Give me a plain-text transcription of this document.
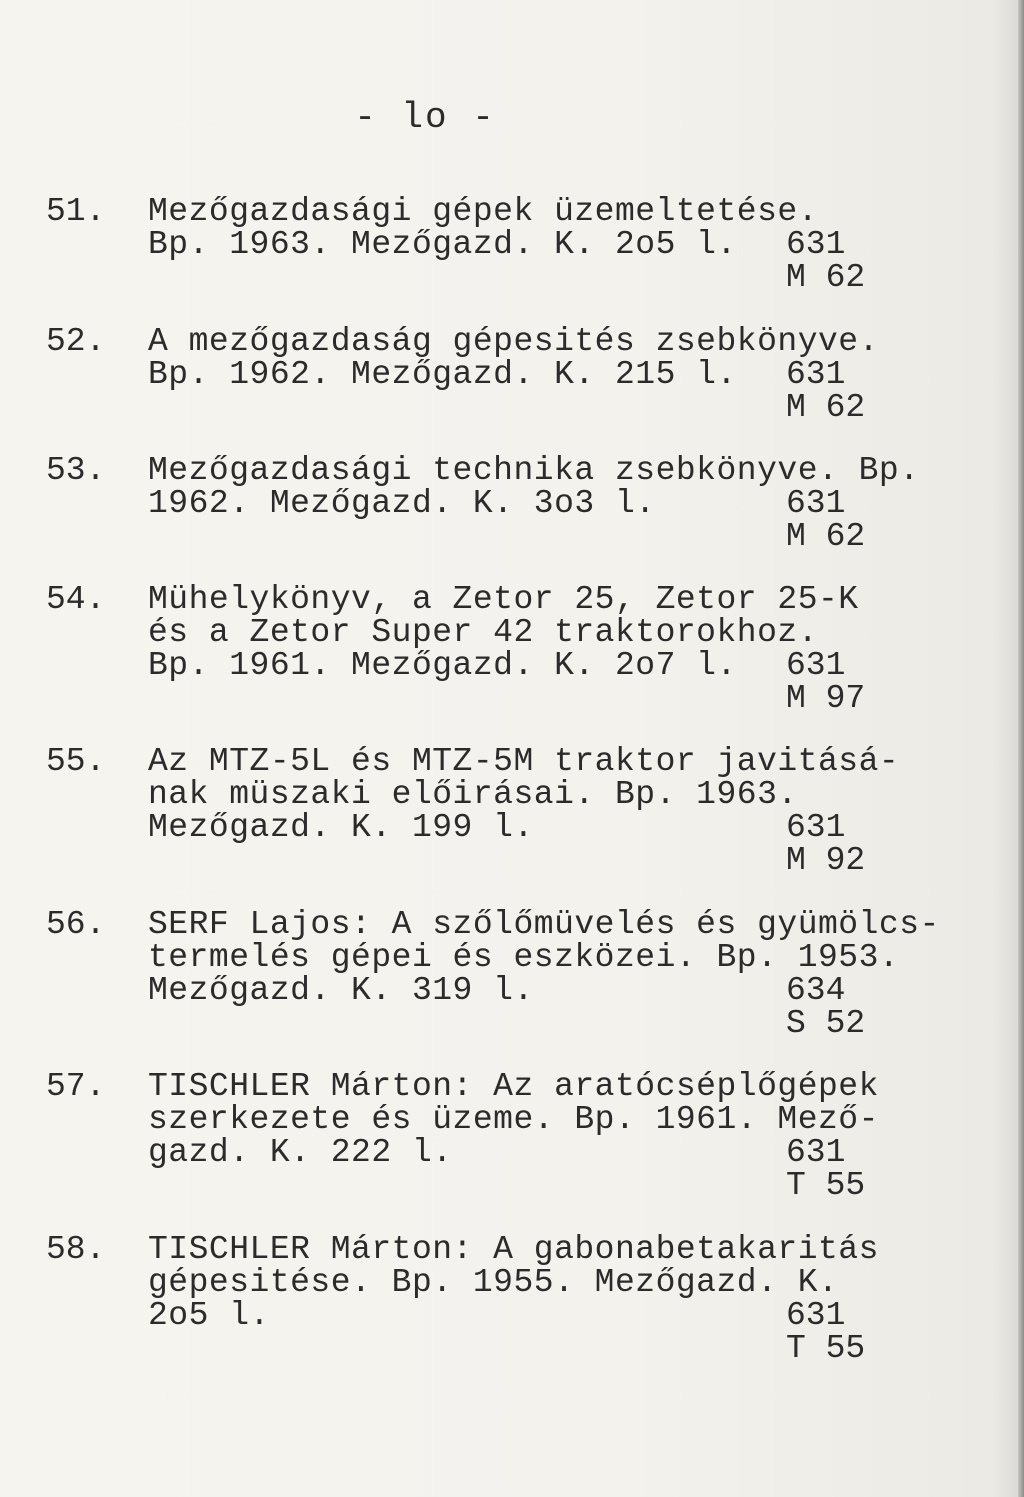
- lo -
51. Mezőgazdasági gépek üzemeltetése.
Bp. 1963. Mezőgazd. K. 2o5 l. 631
M 62
52. A mezőgazdaság gépesités zsebkönyve.
Bp. 1962. Mezőgazd. K. 215 l. 631
M 62
53. Mezőgazdasági technika zsebkönyve. Bp.
1962. Mezőgazd. K. 3o3 l.	631
M 62
54. Mühelykönyv, a Zetor 25, Zetor 25-K
és a Zetor Super 42 traktorokhoz.
Bp. 1961. Mezőgazd. K. 2o7 l. 631
M 97
55. Az MTZ-5L és MTZ-5M traktor javitásá-
nak müszaki előirásai. Bp. 1963.
Mezőgazd. K. 199 l.	631
M 92
56. SERF Lajos: A szőlőmüvelés és gyümölcs-
termelés gépei és eszközei. Bp. 1953.
Mezőgazd. K. 319 l.	634
S 52
57. TISCHLER Márton: Az aratócséplőgépek
szerkezete és üzeme. Bp. 1961. Mező-
gazd. K. 222 l.	631
T 55
58. TISCHLER Márton: A gabonabetakaritás
gépesitése. Bp. 1955. Mezőgazd. K.
2o5 l.	631
T 55
